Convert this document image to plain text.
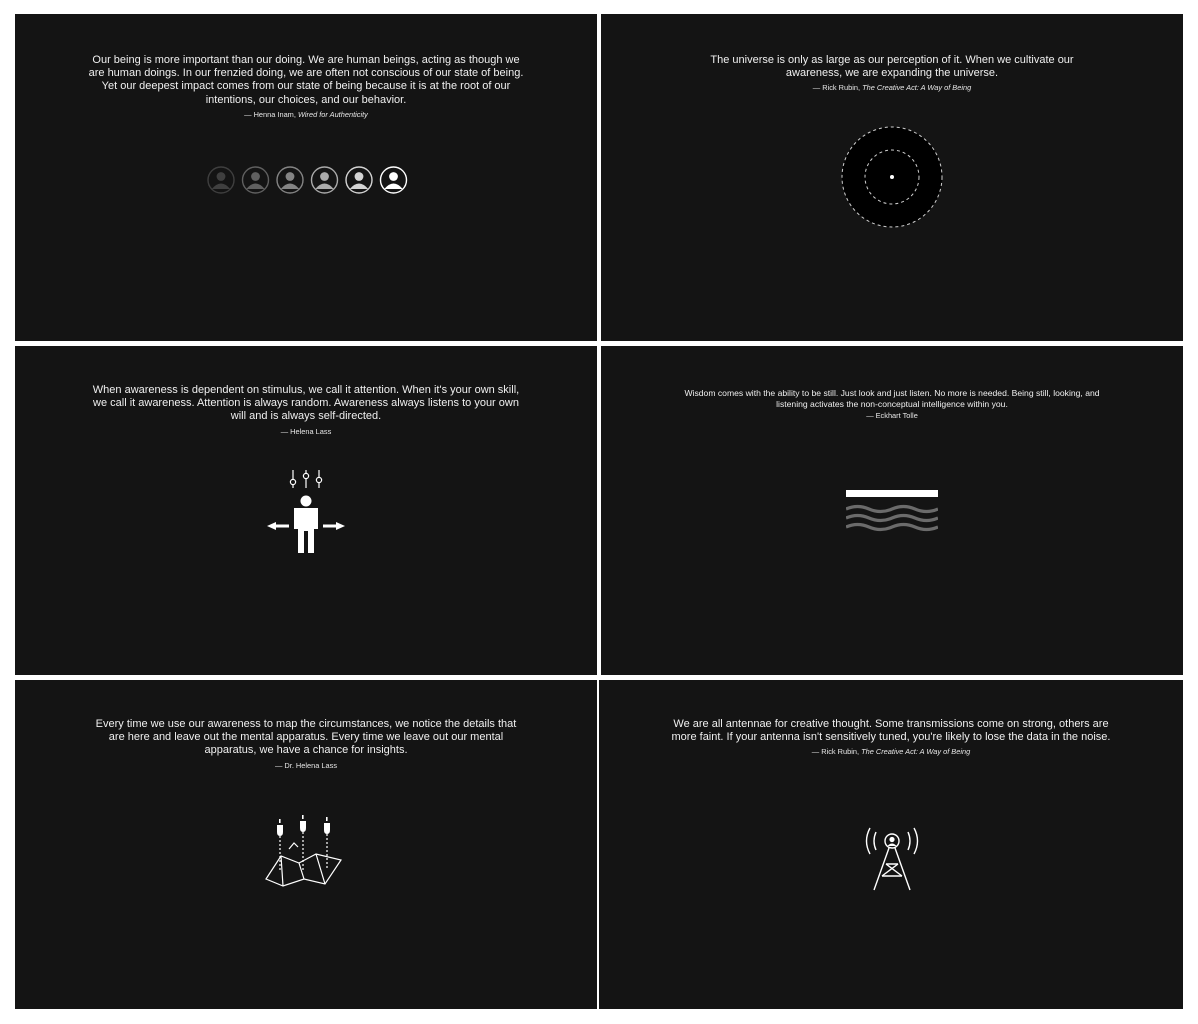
Our being is more important than our doing. We are human beings, acting as though we are human doings. In our frenzied doing, we are often not conscious of our state of being. Yet our deepest impact comes from our state of being because it is at the root of our intentions, our choices, and our behavior.
— Henna Inam, Wired for Authenticity
The universe is only as large as our perception of it. When we cultivate our awareness, we are expanding the universe.
— Rick Rubin, The Creative Act: A Way of Being
When awareness is dependent on stimulus, we call it attention. When it's your own skill, we call it awareness. Attention is always random. Awareness always listens to your own will and is always self-directed.
— Helena Lass
Wisdom comes with the ability to be still. Just look and just listen. No more is needed. Being still, looking, and listening activates the non-conceptual intelligence within you.
— Eckhart Tolle
Every time we use our awareness to map the circumstances, we notice the details that are here and leave out the mental apparatus. Every time we leave out our mental apparatus, we have a chance for insights.
— Dr. Helena Lass
We are all antennae for creative thought. Some transmissions come on strong, others are more faint. If your antenna isn't sensitively tuned, you're likely to lose the data in the noise.
— Rick Rubin, The Creative Act: A Way of Being
